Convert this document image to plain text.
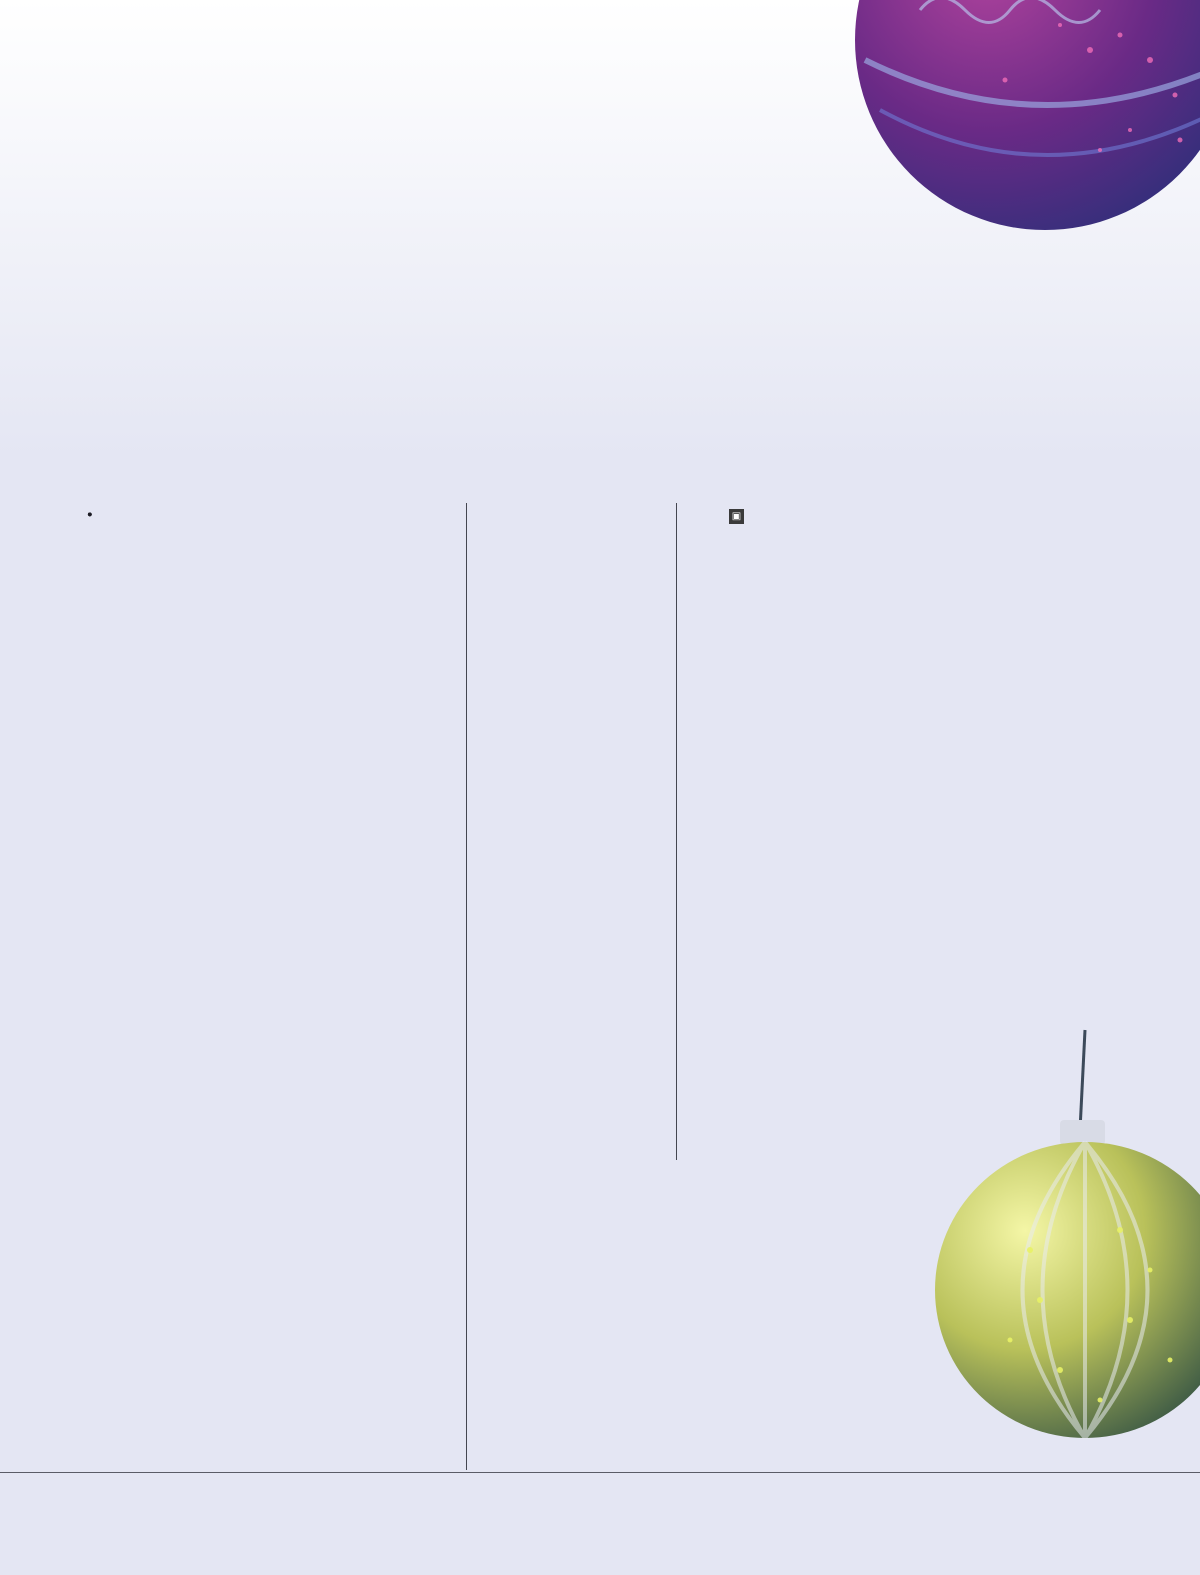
▣
